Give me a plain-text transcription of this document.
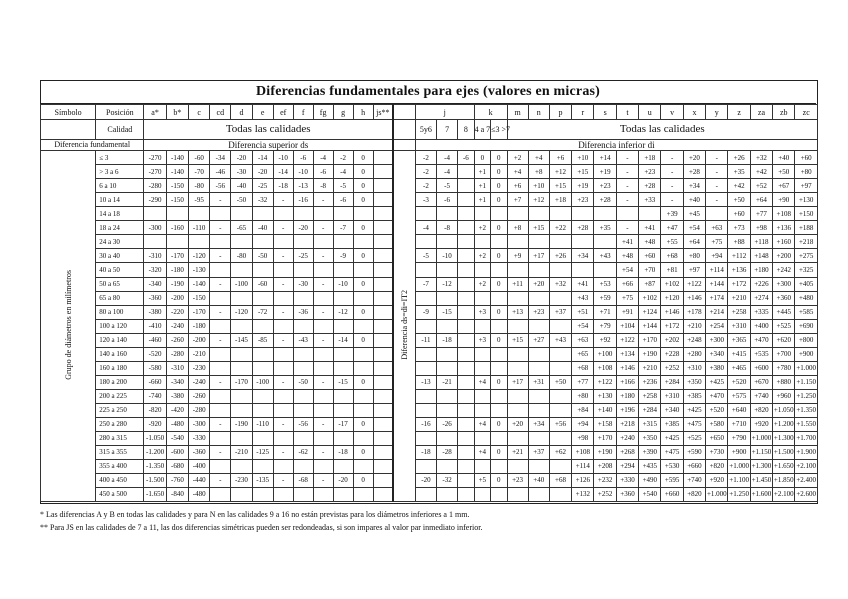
Diferencias fundamentales para ejes (valores en micras)
Símbolo	Posición	a*	b*	c	cd	d	e	ef	f	fg	g	h	js**		j			k		m	n	p	r	s	t	u	v	x	y	z	za	zb	zc
	Calidad	Todas las calidades													5y6	7	8	4 a 7	≤3 >7	Todas las calidades													
Diferencia fundamental		Diferencia superior ds													Diferencia inferior di																		
Grupo de diámetros en milímetros	≤ 3	-270	-140	-60	-34	-20	-14	-10	-6	-4	-2	0		Diferencia ds=di=IT2	-2	-4	-6	0	0	+2	+4	+6	+10	+14	-	+18	-	+20	-	+26	+32	+40	+60
	> 3 a 6	-270	-140	-70	-46	-30	-20	-14	-10	-6	-4	0			-2	-4		+1	0	+4	+8	+12	+15	+19	-	+23	-	+28	-	+35	+42	+50	+80
	6 a 10	-280	-150	-80	-56	-40	-25	-18	-13	-8	-5	0			-2	-5		+1	0	+6	+10	+15	+19	+23	-	+28	-	+34	-	+42	+52	+67	+97
	10 a 14	-290	-150	-95	-	-50	-32	-	-16	-	-6	0			-3	-6		+1	0	+7	+12	+18	+23	+28	-	+33	-	+40	-	+50	+64	+90	+130
	14 a 18																										+39	+45		+60	+77	+108	+150
	18 a 24	-300	-160	-110	-	-65	-40	-	-20	-	-7	0			-4	-8		+2	0	+8	+15	+22	+28	+35	-	+41	+47	+54	+63	+73	+98	+136	+188
	24 a 30																								+41	+48	+55	+64	+75	+88	+118	+160	+218
	30 a 40	-310	-170	-120	-	-80	-50	-	-25	-	-9	0			-5	-10		+2	0	+9	+17	+26	+34	+43	+48	+60	+68	+80	+94	+112	+148	+200	+275
	40 a 50	-320	-180	-130																					+54	+70	+81	+97	+114	+136	+180	+242	+325
	50 a 65	-340	-190	-140	-	-100	-60	-	-30	-	-10	0			-7	-12		+2	0	+11	+20	+32	+41	+53	+66	+87	+102	+122	+144	+172	+226	+300	+405
	65 a 80	-360	-200	-150																			+43	+59	+75	+102	+120	+146	+174	+210	+274	+360	+480
	80 a 100	-380	-220	-170	-	-120	-72	-	-36	-	-12	0			-9	-15		+3	0	+13	+23	+37	+51	+71	+91	+124	+146	+178	+214	+258	+335	+445	+585
	100 a 120	-410	-240	-180																			+54	+79	+104	+144	+172	+210	+254	+310	+400	+525	+690
	120 a 140	-460	-260	-200	-	-145	-85	-	-43	-	-14	0			-11	-18		+3	0	+15	+27	+43	+63	+92	+122	+170	+202	+248	+300	+365	+470	+620	+800
	140 a 160	-520	-280	-210																			+65	+100	+134	+190	+228	+280	+340	+415	+535	+700	+900
	160 a 180	-580	-310	-230																			+68	+108	+146	+210	+252	+310	+380	+465	+600	+780	+1.000
	180 a 200	-660	-340	-240	-	-170	-100	-	-50	-	-15	0			-13	-21		+4	0	+17	+31	+50	+77	+122	+166	+236	+284	+350	+425	+520	+670	+880	+1.150
	200 a 225	-740	-380	-260																			+80	+130	+180	+258	+310	+385	+470	+575	+740	+960	+1.250
	225 a 250	-820	-420	-280																			+84	+140	+196	+284	+340	+425	+520	+640	+820	+1.050	+1.350
	250 a 280	-920	-480	-300	-	-190	-110	-	-56	-	-17	0			-16	-26		+4	0	+20	+34	+56	+94	+158	+218	+315	+385	+475	+580	+710	+920	+1.200	+1.550
	280 a 315	-1.050	-540	-330																			+98	+170	+240	+350	+425	+525	+650	+790	+1.000	+1.300	+1.700
	315 a 355	-1.200	-600	-360	-	-210	-125	-	-62	-	-18	0			-18	-28		+4	0	+21	+37	+62	+108	+190	+268	+390	+475	+590	+730	+900	+1.150	+1.500	+1.900
	355 a 400	-1.350	-680	-400																			+114	+208	+294	+435	+530	+660	+820	+1.000	+1.300	+1.650	+2.100
	400 a 450	-1.500	-760	-440	-	-230	-135	-	-68	-	-20	0			-20	-32		+5	0	+23	+40	+68	+126	+232	+330	+490	+595	+740	+920	+1.100	+1.450	+1.850	+2.400
	450 a 500	-1.650	-840	-480																			+132	+252	+360	+540	+660	+820	+1.000	+1.250	+1.600	+2.100	+2.600
* Las diferencias A y B en todas las calidades y para N en las calidades 9 a 16 no están previstas para los diámetros inferiores a 1 mm.
** Para JS en las calidades de 7 a 11, las dos diferencias simétricas pueden ser redondeadas, si son impares al valor par inmediato inferior.
